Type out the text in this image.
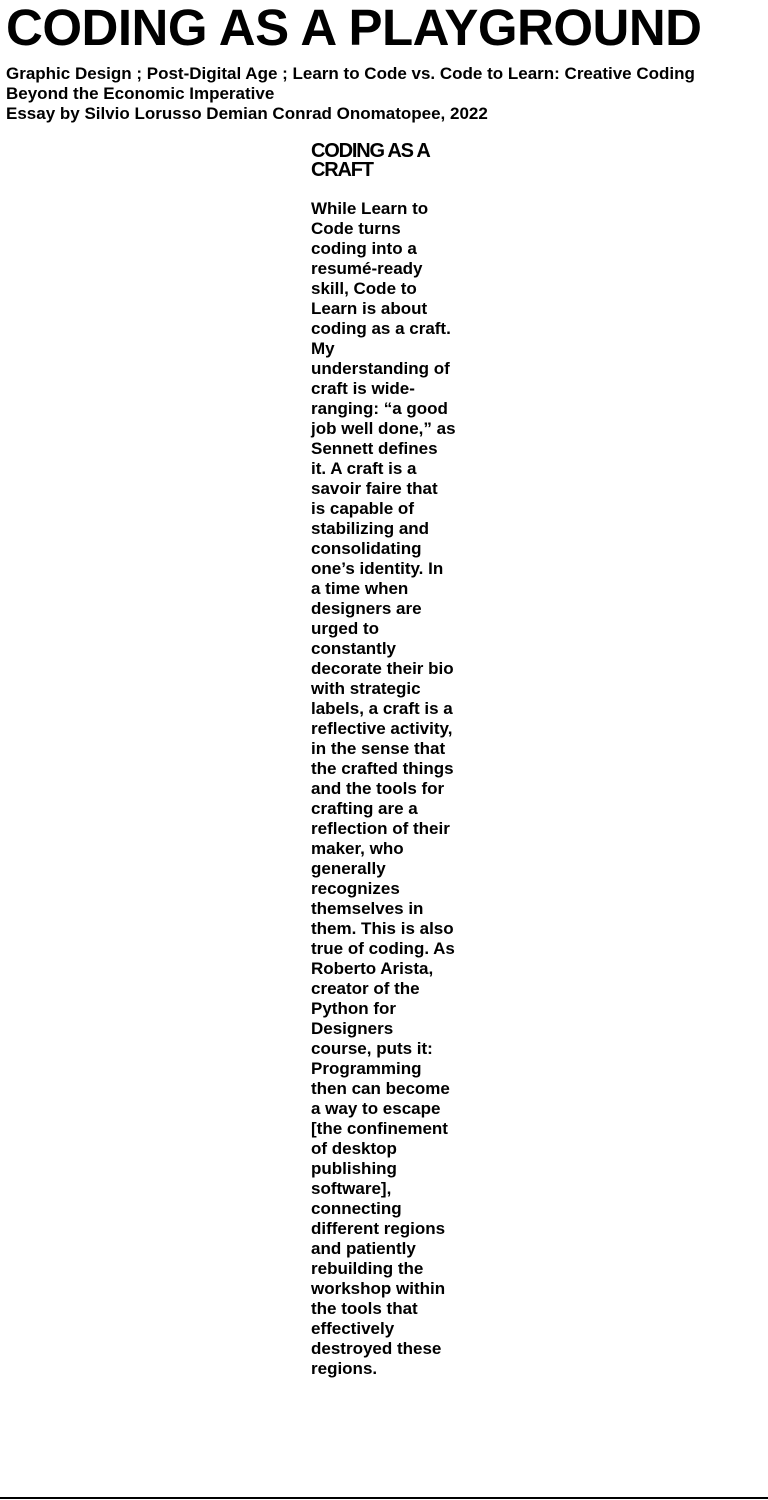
CODING AS A PLAYGROUND
Graphic Design ; Post-Digital Age ; Learn to Code vs. Code to Learn: Creative Coding
Beyond the Economic Imperative
Essay by Silvio Lorusso Demian Conrad Onomatopee, 2022
CODING AS A CRAFT

While Learn to Code turns coding into a resumé-ready skill, Code to Learn is about coding as a craft. My understanding of craft is wide-ranging: “a good job well done,” as Sennett defines it. A craft is a savoir faire that is capable of stabilizing and consolidating one’s identity. In a time when designers are urged to constantly decorate their bio with strategic labels, a craft is a reflective activity, in the sense that the crafted things and the tools for crafting are a reflection of their maker, who generally recognizes themselves in them. This is also true of coding. As Roberto Arista, creator of the Python for Designers course, puts it: Programming then can become a way to escape [the confinement of desktop publishing software], connecting different regions and patiently rebuilding the workshop within the tools that effectively destroyed these regions.
